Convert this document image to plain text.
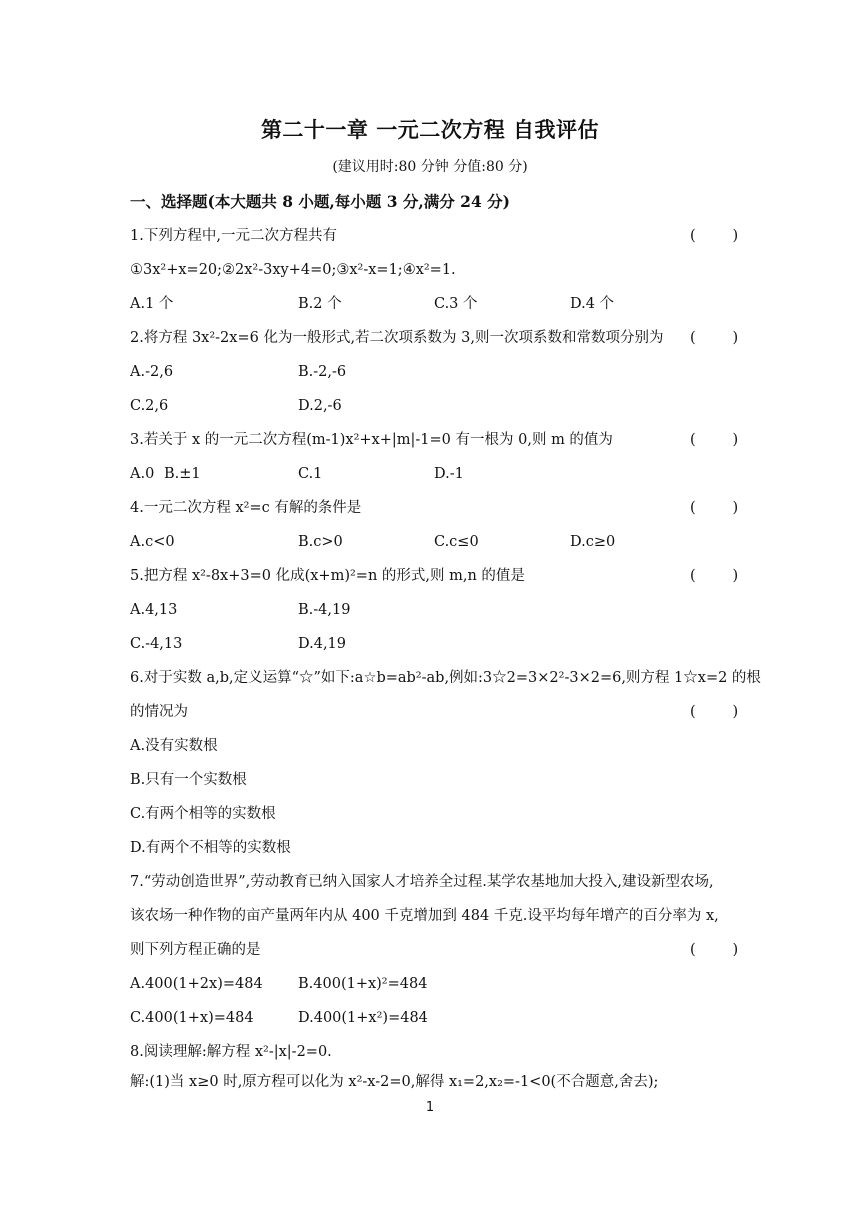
第二十一章 一元二次方程 自我评估
(建议用时:80 分钟 分值:80 分)
一、选择题(本大题共 8 小题,每小题 3 分,满分 24 分)
1.下列方程中,一元二次方程共有	(        )
①3x²+x=20;②2x²-3xy+4=0;③x²-x=1;④x²=1.
A.1 个	B.2 个	C.3 个	D.4 个
2.将方程 3x²-2x=6 化为一般形式,若二次项系数为 3,则一次项系数和常数项分别为 (        )
A.-2,6	B.-2,-6
C.2,6	D.2,-6
3.若关于 x 的一元二次方程(m-1)x²+x+|m|-1=0 有一根为 0,则 m 的值为	(        )
A.0 B.±1	C.1	D.-1
4.一元二次方程 x²=c 有解的条件是	(        )
A.c<0	B.c>0	C.c≤0	D.c≥0
5.把方程 x²-8x+3=0 化成(x+m)²=n 的形式,则 m,n 的值是	(        )
A.4,13	B.-4,19
C.-4,13	D.4,19
6.对于实数 a,b,定义运算“☆”如下:a☆b=ab²-ab,例如:3☆2=3×2²-3×2=6,则方程 1☆x=2 的根
的情况为	(        )
A.没有实数根
B.只有一个实数根
C.有两个相等的实数根
D.有两个不相等的实数根
7.“劳动创造世界”,劳动教育已纳入国家人才培养全过程.某学农基地加大投入,建设新型农场,
该农场一种作物的亩产量两年内从 400 千克增加到 484 千克.设平均每年增产的百分率为 x,
则下列方程正确的是	(        )
A.400(1+2x)=484 B.400(1+x)²=484
C.400(1+x)=484	D.400(1+x²)=484
8.阅读理解:解方程 x²-|x|-2=0.
解:(1)当 x≥0 时,原方程可以化为 x²-x-2=0,解得 x₁=2,x₂=-1<0(不合题意,舍去);
1
